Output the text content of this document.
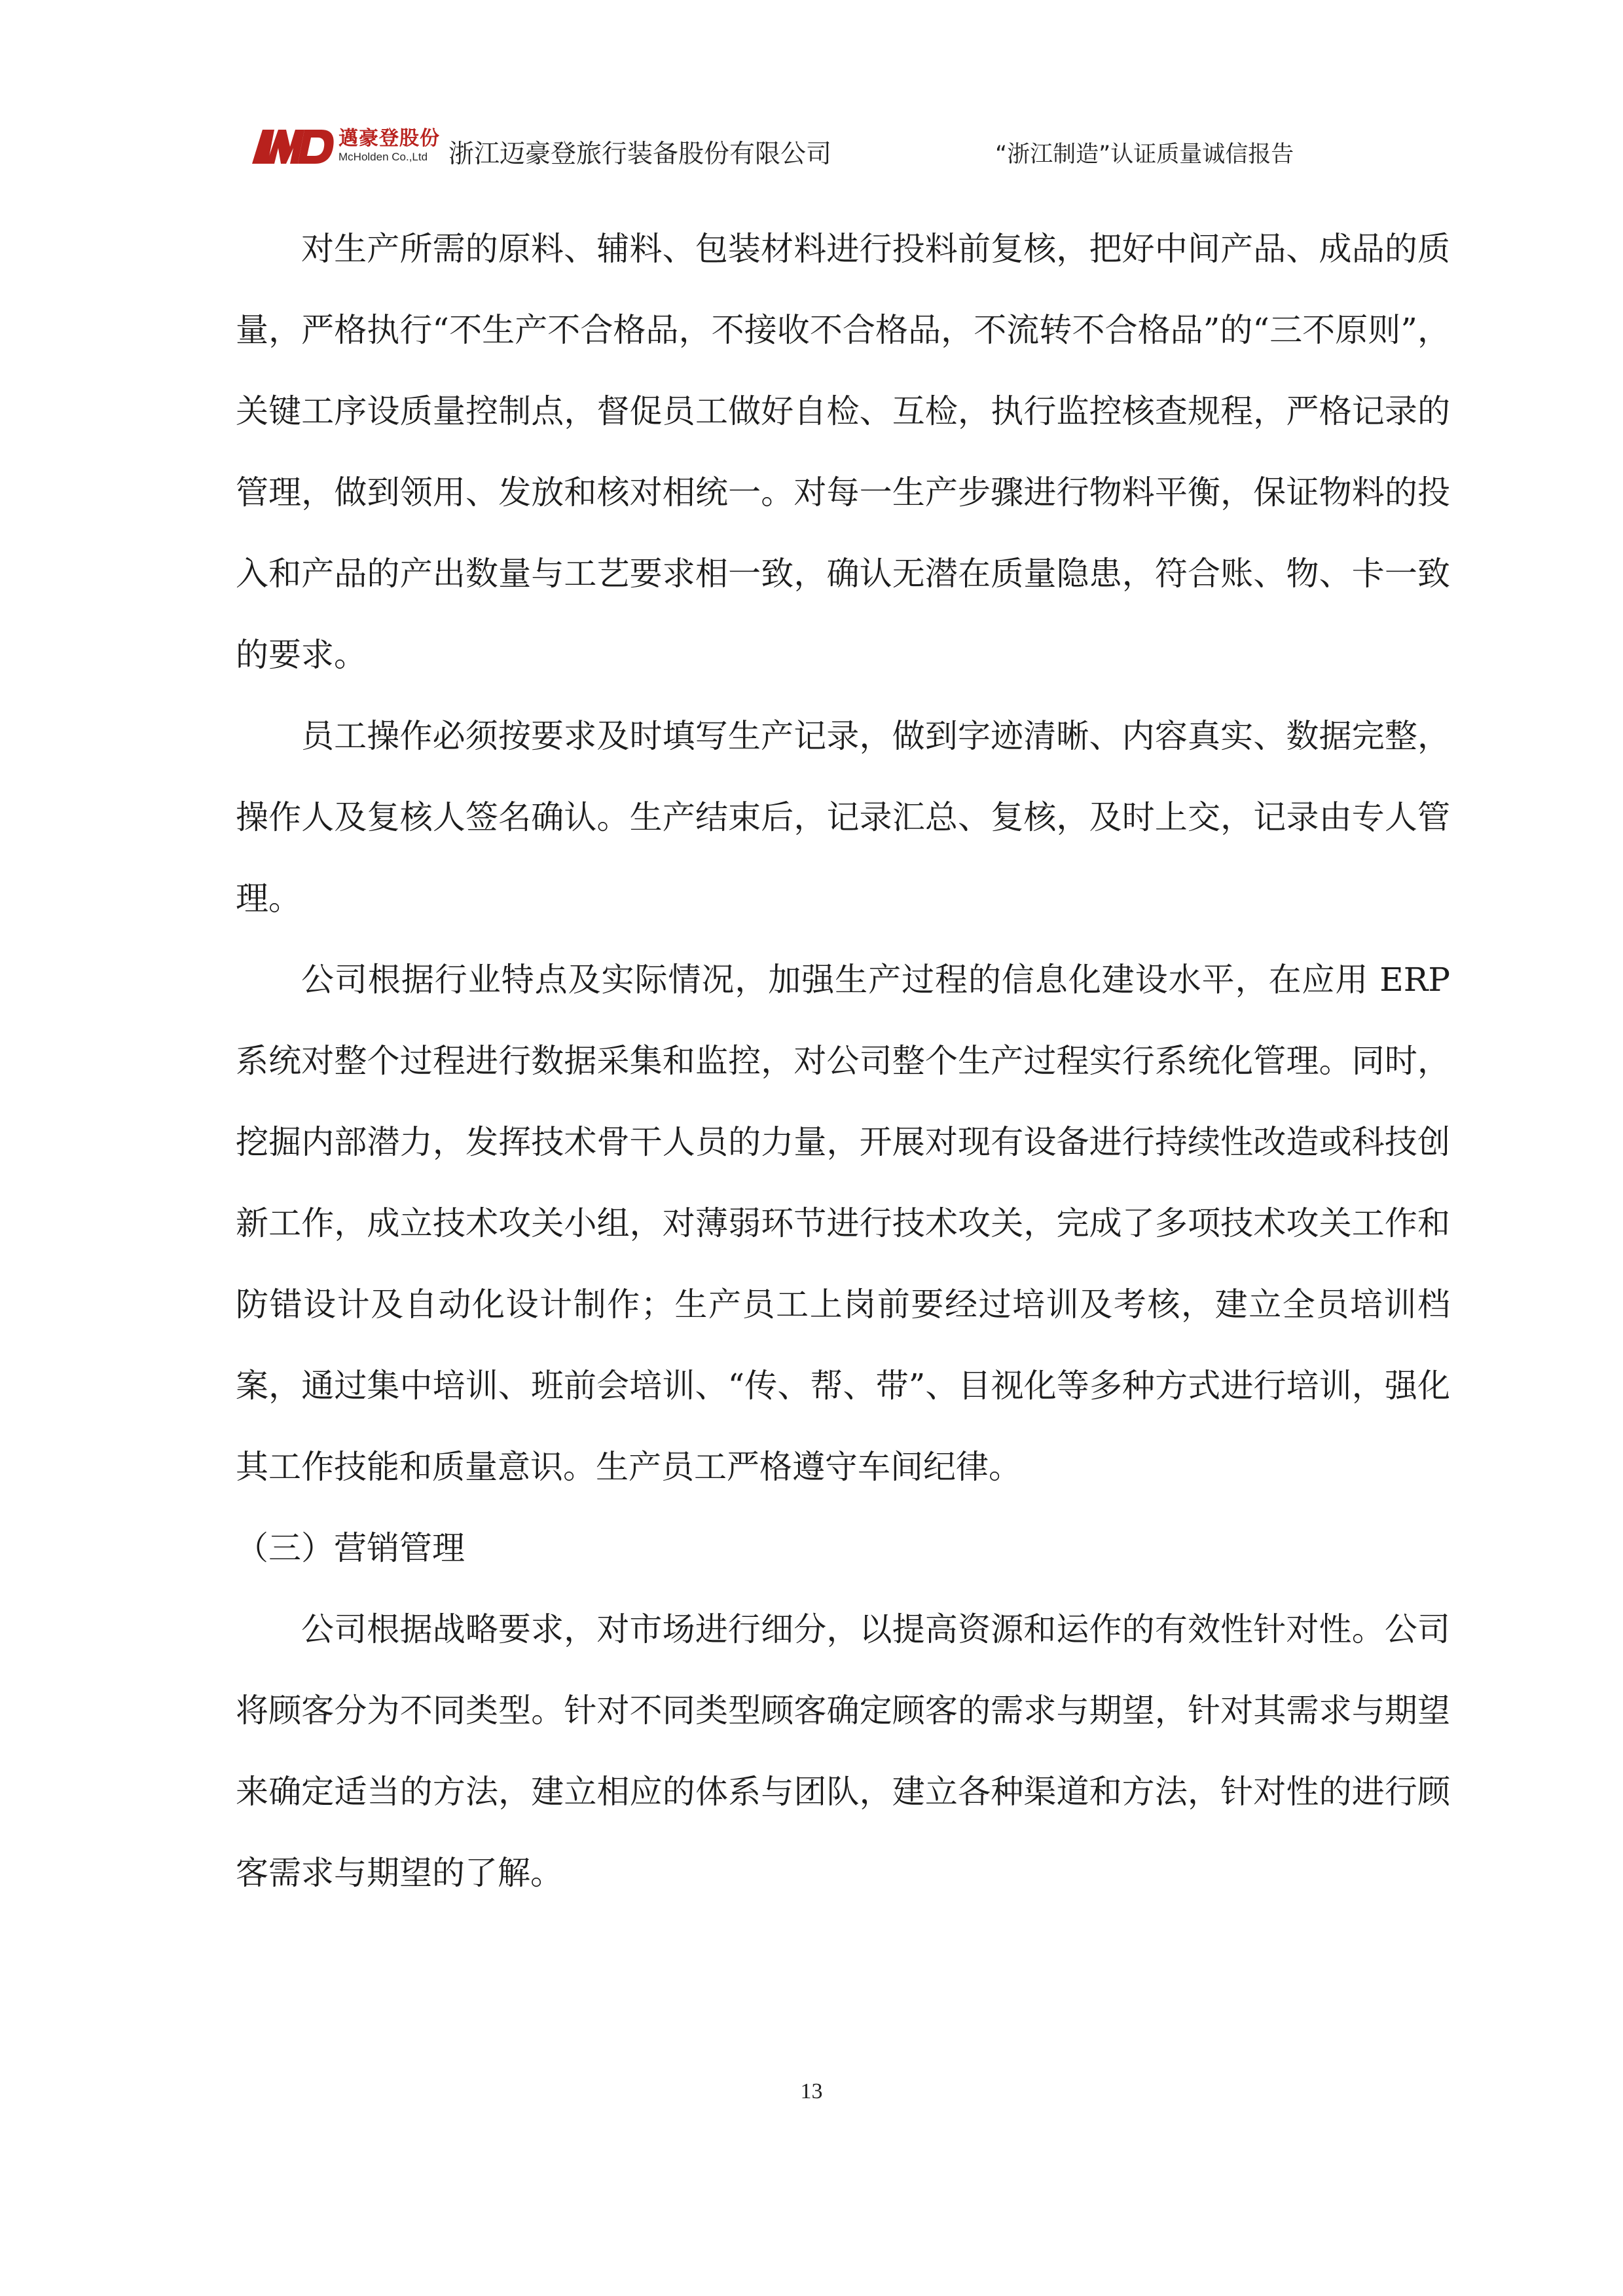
邁豪登股份
McHolden Co.,Ltd 浙江迈豪登旅行装备股份有限公司	“浙江制造”认证质量诚信报告

对生产所需的原料、辅料、包装材料进行投料前复核，把好中间产品、成品的质量，严格执行“不生产不合格品，不接收不合格品，不流转不合格品”的“三不原则”，关键工序设质量控制点，督促员工做好自检、互检，执行监控核查规程，严格记录的管理，做到领用、发放和核对相统一。对每一生产步骤进行物料平衡，保证物料的投入和产品的产出数量与工艺要求相一致，确认无潜在质量隐患，符合账、物、卡一致的要求。

员工操作必须按要求及时填写生产记录，做到字迹清晰、内容真实、数据完整，操作人及复核人签名确认。生产结束后，记录汇总、复核，及时上交，记录由专人管理。

公司根据行业特点及实际情况，加强生产过程的信息化建设水平，在应用 ERP 系统对整个过程进行数据采集和监控，对公司整个生产过程实行系统化管理。同时，挖掘内部潜力，发挥技术骨干人员的力量，开展对现有设备进行持续性改造或科技创新工作，成立技术攻关小组，对薄弱环节进行技术攻关，完成了多项技术攻关工作和防错设计及自动化设计制作；生产员工上岗前要经过培训及考核，建立全员培训档案，通过集中培训、班前会培训、“传、帮、带”、目视化等多种方式进行培训，强化其工作技能和质量意识。生产员工严格遵守车间纪律。

（三）营销管理

公司根据战略要求，对市场进行细分，以提高资源和运作的有效性针对性。公司将顾客分为不同类型。针对不同类型顾客确定顾客的需求与期望，针对其需求与期望来确定适当的方法，建立相应的体系与团队，建立各种渠道和方法，针对性的进行顾客需求与期望的了解。

13
